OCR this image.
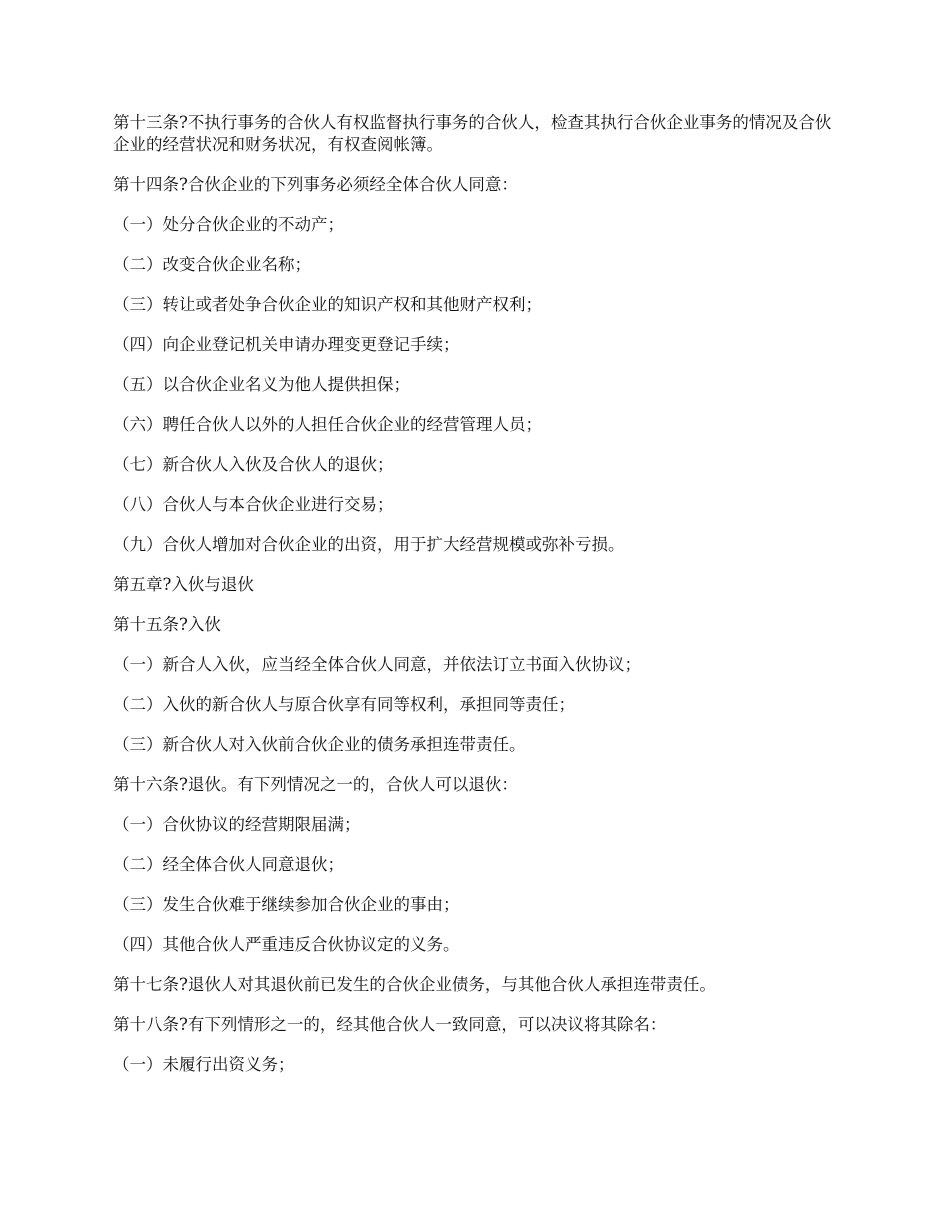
第十三条?不执行事务的合伙人有权监督执行事务的合伙人，检查其执行合伙企业事务的情况及合伙企业的经营状况和财务状况，有权查阅帐簿。

第十四条?合伙企业的下列事务必须经全体合伙人同意：

（一）处分合伙企业的不动产；

（二）改变合伙企业名称；

（三）转让或者处争合伙企业的知识产权和其他财产权利；

（四）向企业登记机关申请办理变更登记手续；

（五）以合伙企业名义为他人提供担保；

（六）聘任合伙人以外的人担任合伙企业的经营管理人员；

（七）新合伙人入伙及合伙人的退伙；

（八）合伙人与本合伙企业进行交易；

（九）合伙人增加对合伙企业的出资，用于扩大经营规模或弥补亏损。

第五章?入伙与退伙

第十五条?入伙

（一）新合人入伙，应当经全体合伙人同意，并依法订立书面入伙协议；

（二）入伙的新合伙人与原合伙享有同等权利，承担同等责任；

（三）新合伙人对入伙前合伙企业的债务承担连带责任。

第十六条?退伙。有下列情况之一的，合伙人可以退伙：

（一）合伙协议的经营期限届满；

（二）经全体合伙人同意退伙；

（三）发生合伙难于继续参加合伙企业的事由；

（四）其他合伙人严重违反合伙协议定的义务。

第十七条?退伙人对其退伙前已发生的合伙企业债务，与其他合伙人承担连带责任。

第十八条?有下列情形之一的，经其他合伙人一致同意，可以决议将其除名：

（一）未履行出资义务；
